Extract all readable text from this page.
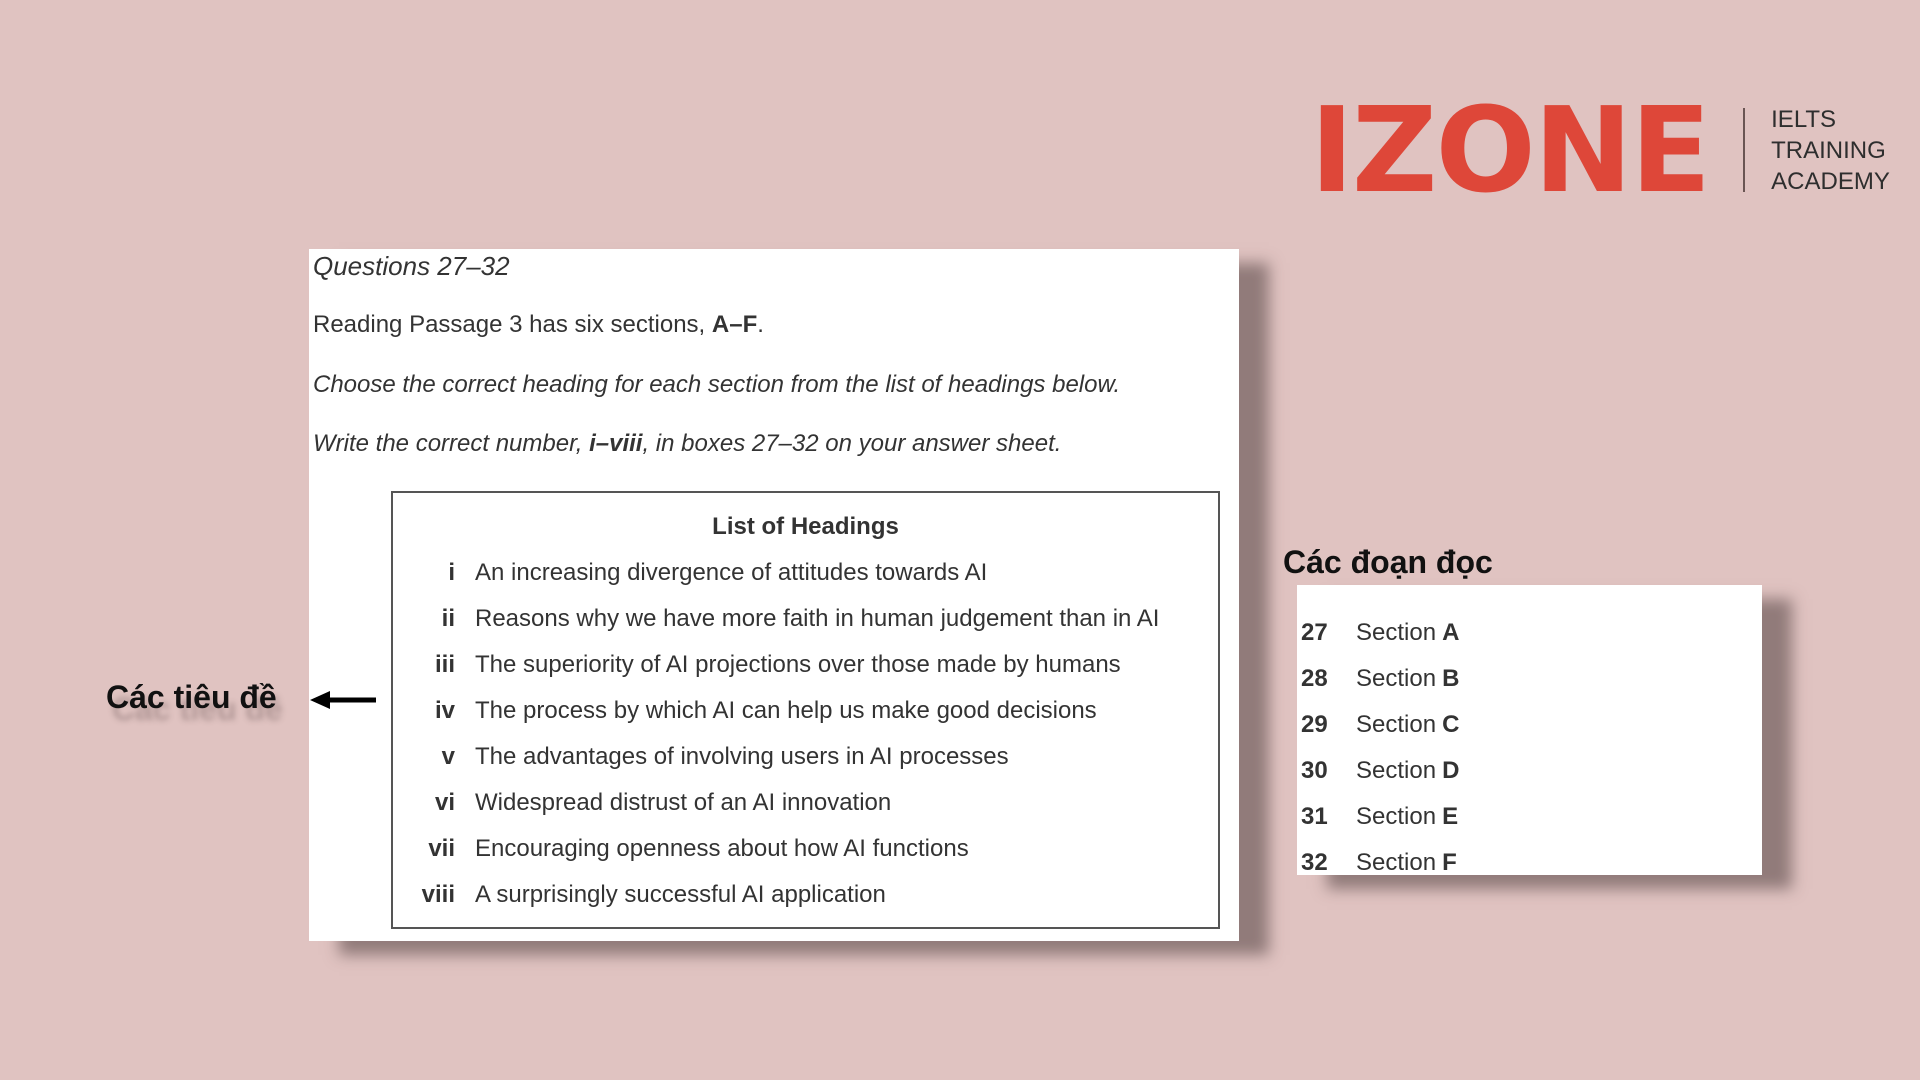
IZONE	IELTS
TRAINING
ACADEMY
Questions 27–32
Reading Passage 3 has six sections, A–F.
Choose the correct heading for each section from the list of headings below.
Write the correct number, i–viii, in boxes 27–32 on your answer sheet.
List of Headings
i An increasing divergence of attitudes towards AI
ii Reasons why we have more faith in human judgement than in AI
iii The superiority of AI projections over those made by humans
iv The process by which AI can help us make good decisions
v The advantages of involving users in AI processes
vi Widespread distrust of an AI innovation
vii Encouraging openness about how AI functions
viii A surprisingly successful AI application
Các tiêu đề
Các đoạn đọc
27 Section A
28 Section B
29 Section C
30 Section D
31 Section E
32 Section F
